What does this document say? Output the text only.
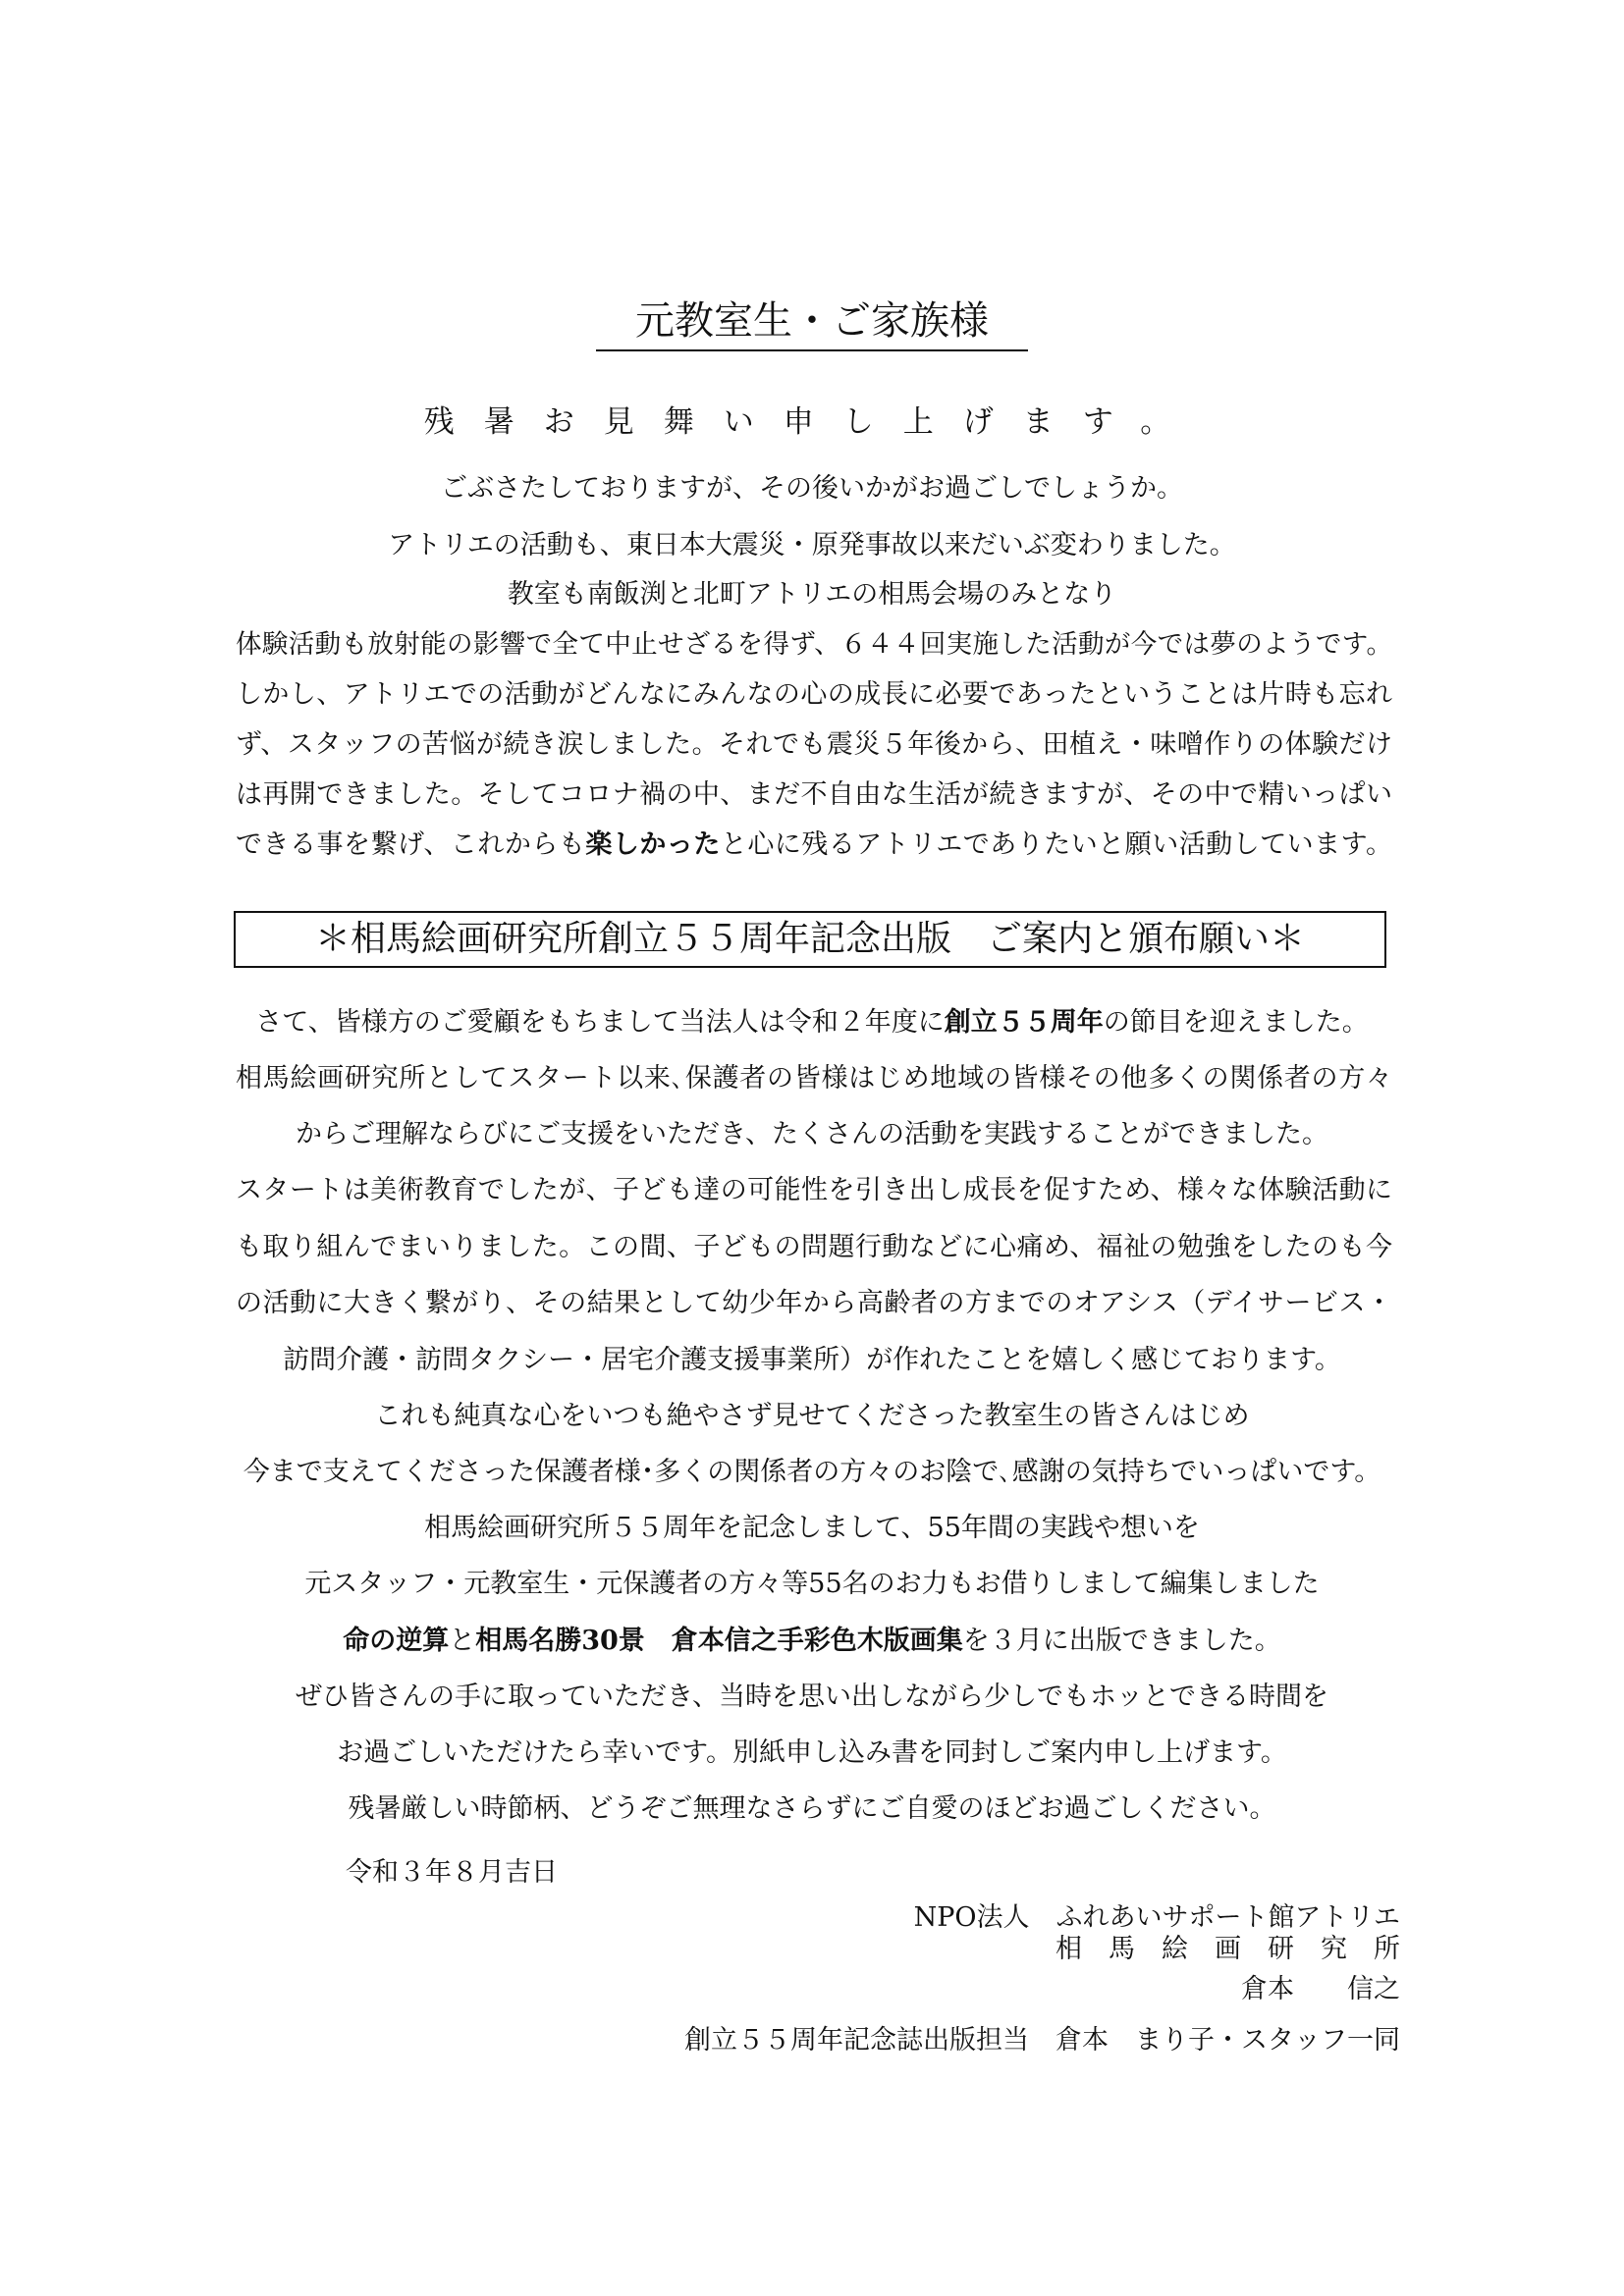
元教室生・ご家族様
残暑お見舞い申し上げます。
ごぶさたしておりますが、その後いかがお過ごしでしょうか。
アトリエの活動も、東日本大震災・原発事故以来だいぶ変わりました。
教室も南飯渕と北町アトリエの相馬会場のみとなり
体験活動も放射能の影響で全て中止せざるを得ず、６４４回実施した活動が今では夢のようです。
しかし、アトリエでの活動がどんなにみんなの心の成長に必要であったということは片時も忘れ
ず、スタッフの苦悩が続き涙しました。それでも震災５年後から、田植え・味噌作りの体験だけ
は再開できました。そしてコロナ禍の中、まだ不自由な生活が続きますが、その中で精いっぱい
できる事を繋げ、これからも楽しかったと心に残るアトリエでありたいと願い活動しています。
＊相馬絵画研究所創立５５周年記念出版　ご案内と頒布願い＊
さて、皆様方のご愛顧をもちまして当法人は令和２年度に創立５５周年の節目を迎えました。
相馬絵画研究所としてスタート以来､保護者の皆様はじめ地域の皆様その他多くの関係者の方々
からご理解ならびにご支援をいただき、たくさんの活動を実践することができました。
スタートは美術教育でしたが、子ども達の可能性を引き出し成長を促すため、様々な体験活動に
も取り組んでまいりました。この間、子どもの問題行動などに心痛め、福祉の勉強をしたのも今
の活動に大きく繋がり、その結果として幼少年から高齢者の方までのオアシス（デイサービス・
訪問介護・訪問タクシー・居宅介護支援事業所）が作れたことを嬉しく感じております。
これも純真な心をいつも絶やさず見せてくださった教室生の皆さんはじめ
今まで支えてくださった保護者様･多くの関係者の方々のお陰で､感謝の気持ちでいっぱいです。
相馬絵画研究所５５周年を記念しまして、55年間の実践や想いを
元スタッフ・元教室生・元保護者の方々等55名のお力もお借りしまして編集しました
命の逆算と相馬名勝30景　倉本信之手彩色木版画集を３月に出版できました。
ぜひ皆さんの手に取っていただき、当時を思い出しながら少しでもホッとできる時間を
お過ごしいただけたら幸いです。別紙申し込み書を同封しご案内申し上げます。
残暑厳しい時節柄、どうぞご無理なさらずにご自愛のほどお過ごしください。
令和３年８月吉日
NPO法人　ふれあいサポート館アトリエ
相　馬　絵　画　研　究　所
倉本　　信之
創立５５周年記念誌出版担当　倉本　まり子・スタッフ一同
